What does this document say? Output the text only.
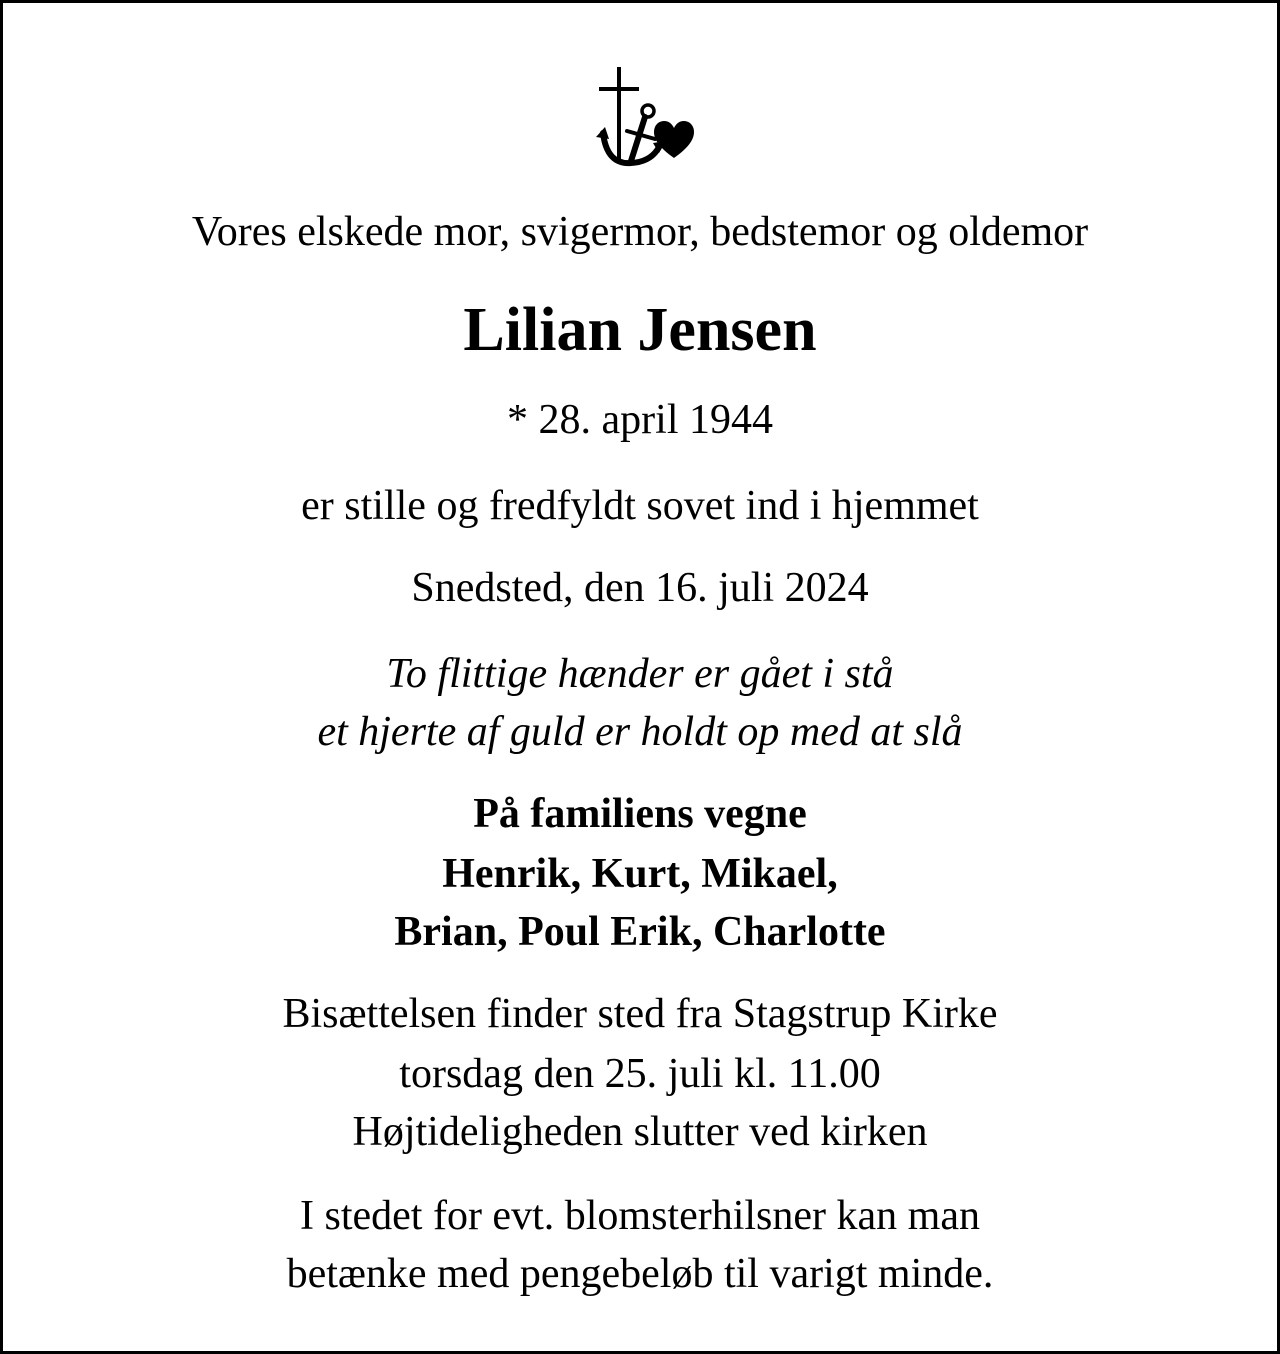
Vores elskede mor, svigermor, bedstemor og oldemor
Lilian Jensen
* 28. april 1944
er stille og fredfyldt sovet ind i hjemmet
Snedsted, den 16. juli 2024
To flittige hænder er gået i stå
et hjerte af guld er holdt op med at slå
På familiens vegne
Henrik, Kurt, Mikael,
Brian, Poul Erik, Charlotte
Bisættelsen finder sted fra Stagstrup Kirke
torsdag den 25. juli kl. 11.00
Højtideligheden slutter ved kirken
I stedet for evt. blomsterhilsner kan man
betænke med pengebeløb til varigt minde.
